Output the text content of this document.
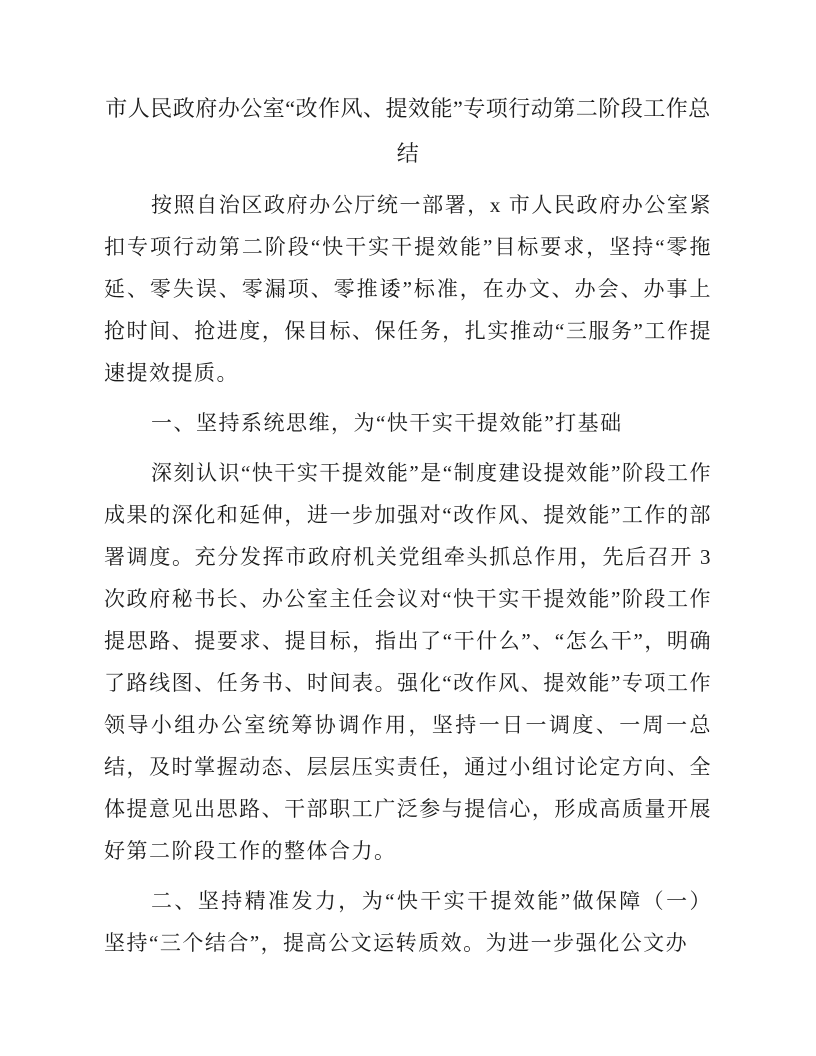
市人民政府办公室“改作风、提效能”专项行动第二阶段工作总结

按照自治区政府办公厅统一部署，x 市人民政府办公室紧扣专项行动第二阶段“快干实干提效能”目标要求，坚持“零拖延、零失误、零漏项、零推诿”标准，在办文、办会、办事上抢时间、抢进度，保目标、保任务，扎实推动“三服务”工作提速提效提质。

一、坚持系统思维，为“快干实干提效能”打基础

深刻认识“快干实干提效能”是“制度建设提效能”阶段工作成果的深化和延伸，进一步加强对“改作风、提效能”工作的部署调度。充分发挥市政府机关党组牵头抓总作用，先后召开 3 次政府秘书长、办公室主任会议对“快干实干提效能”阶段工作提思路、提要求、提目标，指出了“干什么”、“怎么干”，明确了路线图、任务书、时间表。强化“改作风、提效能”专项工作领导小组办公室统筹协调作用，坚持一日一调度、一周一总结，及时掌握动态、层层压实责任，通过小组讨论定方向、全体提意见出思路、干部职工广泛参与提信心，形成高质量开展好第二阶段工作的整体合力。

二、坚持精准发力，为“快干实干提效能”做保障（一）坚持“三个结合”，提高公文运转质效。为进一步强化公文办
